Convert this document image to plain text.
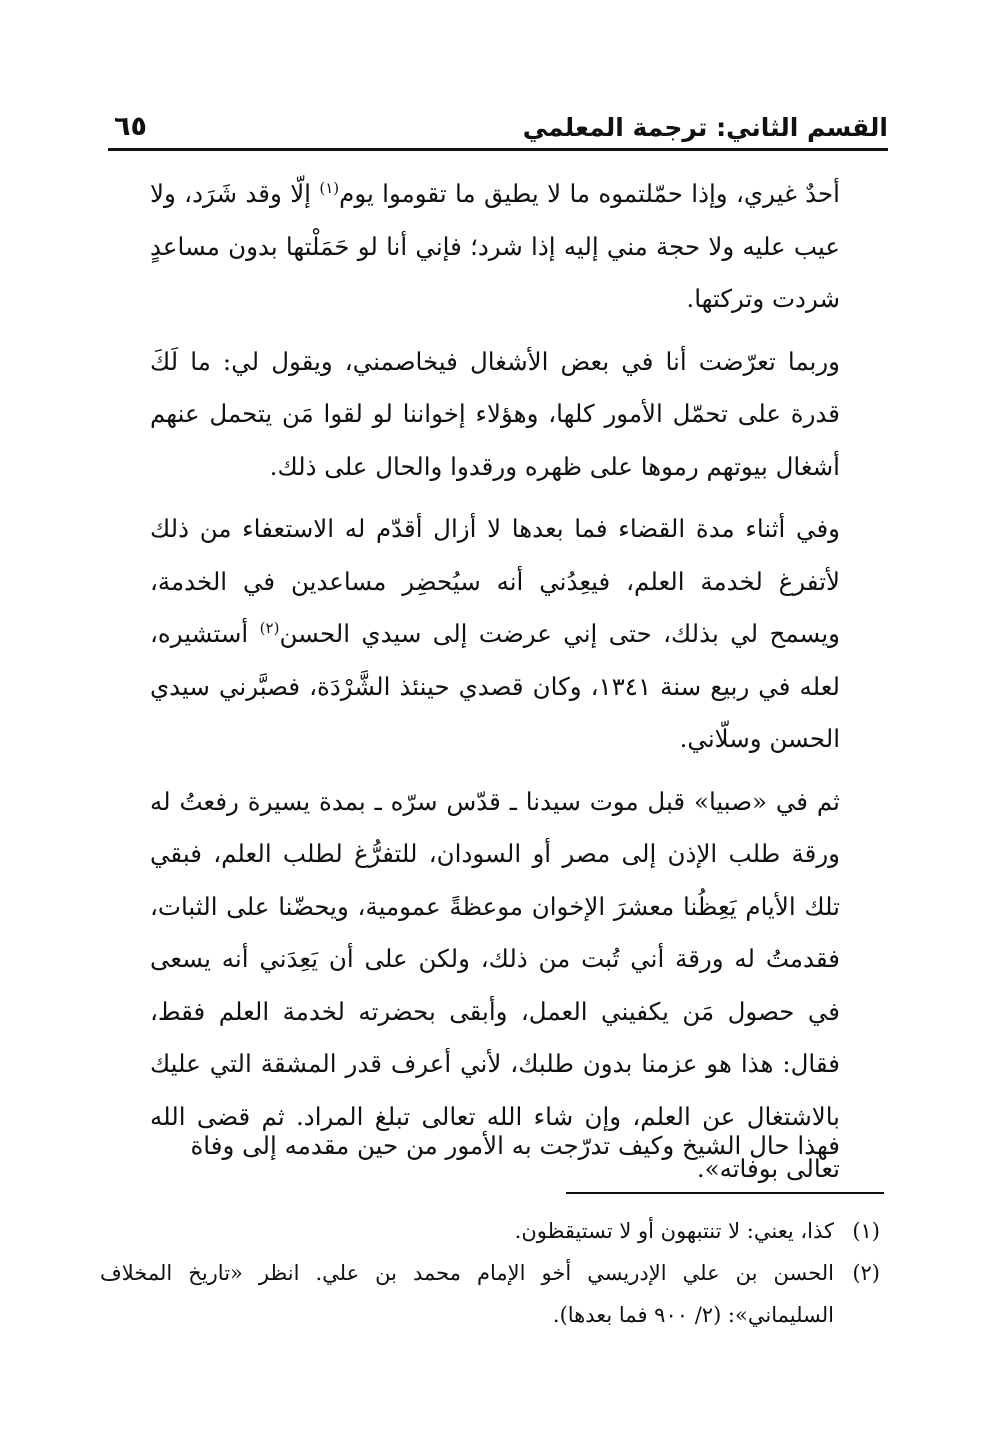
القسم الثاني: ترجمة المعلمي
٦٥

أحدٌ غيري، وإذا حمّلتموه ما لا يطيق ما تقوموا يوم$^{(١)}$ إلّا وقد شَرَد، ولا عيب عليه ولا حجة مني إليه إذا شرد؛ فإني أنا لو حَمَلْتها بدون مساعدٍ شردت وتركتها.

وربما تعرّضت أنا في بعض الأشغال فيخاصمني، ويقول لي: ما لَكَ قدرة على تحمّل الأمور كلها، وهؤلاء إخواننا لو لقوا مَن يتحمل عنهم أشغال بيوتهم رموها على ظهره ورقدوا والحال على ذلك.

وفي أثناء مدة القضاء فما بعدها لا أزال أقدّم له الاستعفاء من ذلك لأتفرغ لخدمة العلم، فيعِدُني أنه سيُحضِر مساعدين في الخدمة، ويسمح لي بذلك، حتى إني عرضت إلى سيدي الحسن$^{(٢)}$ أستشيره، لعله في ربيع سنة ١٣٤١، وكان قصدي حينئذ الشَّرْدَة، فصبَّرني سيدي الحسن وسلّاني.

ثم في «صبيا» قبل موت سيدنا ـ قدّس سرّه ـ بمدة يسيرة رفعتُ له ورقة طلب الإذن إلى مصر أو السودان، للتفرُّغ لطلب العلم، فبقي تلك الأيام يَعِظُنا معشرَ الإخوان موعظةً عمومية، ويحضّنا على الثبات، فقدمتُ له ورقة أني تُبت من ذلك، ولكن على أن يَعِدَني أنه يسعى في حصول مَن يكفيني العمل، وأبقى بحضرته لخدمة العلم فقط، فقال: هذا هو عزمنا بدون طلبك، لأني أعرف قدر المشقة التي عليك بالاشتغال عن العلم، وإن شاء الله تعالى تبلغ المراد. ثم قضى الله تعالى بوفاته».

فهذا حال الشيخ وكيف تدرّجت به الأمور من حين مقدمه إلى وفاة

(١)
كذا، يعني: لا تنتبهون أو لا تستيقظون.
(٢)
الحسن بن علي الإدريسي أخو الإمام محمد بن علي. انظر «تاريخ المخلاف السليماني»: (٢/ ٩٠٠ فما بعدها).
